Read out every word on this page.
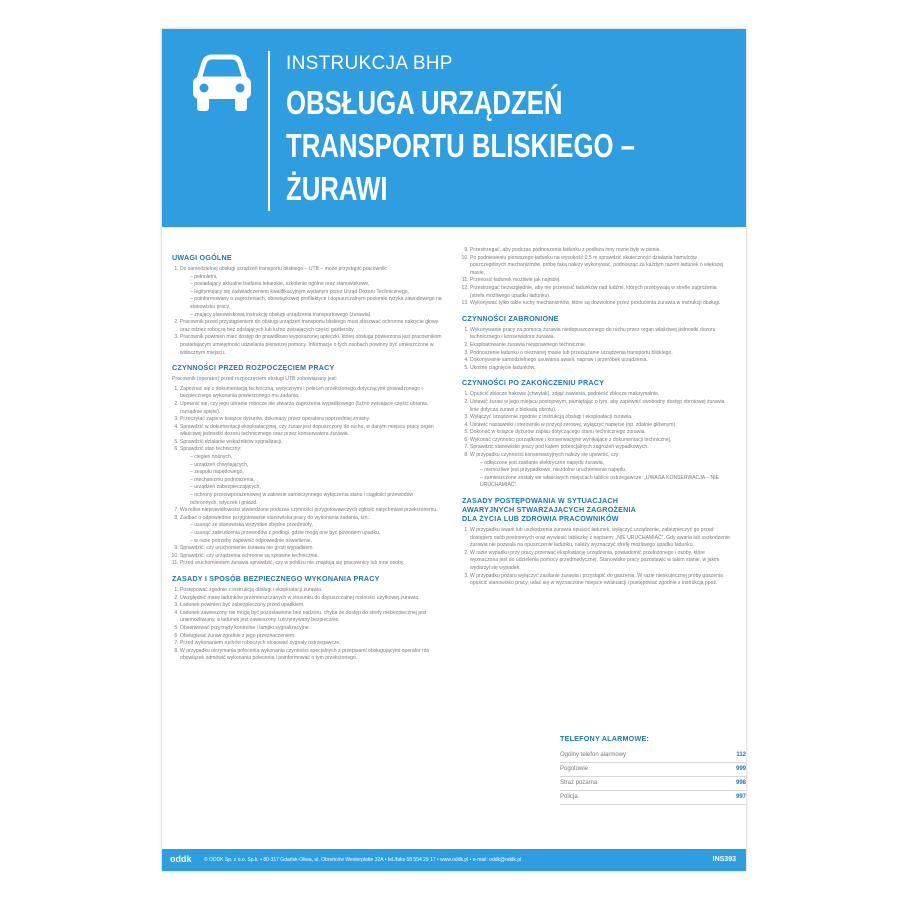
INSTRUKCJA BHP
OBSŁUGA URZĄDZEŃ
TRANSPORTU BLISKIEGO –
ŻURAWI
UWAGI OGÓLNE
1. Do samodzielnej obsługi urządzeń transportu bliskiego – UTB – może przystąpić pracownik:
– pełnoletni,
– posiadający aktualne badania lekarskie, szkolenie ogólne oraz stanowiskowe,
– legitymujący się zaświadczeniem kwalifikacyjnym wydanym przez Urząd Dozoru Technicznego,
– poinformowany o zagrożeniach, obowiązkowej profilaktyce i dopuszczalnym poziomie ryzyka zawodowego na stanowisku pracy,
– znający stanowiskową instrukcję obsługi urządzenia transportowego (żurawia).
2. Pracownik przed przystąpieniem do obsługi urządzeń transportu bliskiego musi stosować ochronne nakrycie głowy oraz odzież roboczą bez odstających lub luźno zwisających części garderoby.
3. Pracownik powinien mieć dostęp do prawidłowo wyposażonej apteczki, której obsługa powierzona jest pracownikom posiadającym umiejętność udzielania pierwszej pomocy. Informacje o tych osobach powinny być umieszczone w widocznym miejscu.
CZYNNOŚCI PRZED ROZPOCZĘCIEM PRACY
Pracownik (operator) przed rozpoczęciem obsługi UTB zobowiązany jest:
1. Zapoznać się z dokumentacją techniczną, wytycznymi i poleceń przełożonego dotyczącymi prowadzonego i bezpiecznego wykonania powierzonego mu zadania.
2. Upewnić się, czy jego ubranie robocze nie stwarza zagrożenia wypadkowego (luźno zwisające części ubrania, rozsądnie spięte).
3. Przeczytać zapis w książce dyżurów, dokonany przez operatora poprzedniej zmiany.
4. Sprawdzić w dokumentacji eksploatacyjnej, czy żuraw jest dopuszczony do ruchu, w danym miejscu pracy organ właściwej jednostki dozoru technicznego oraz przez konserwatora żurawia.
5. Sprawdzić działanie wskaźników sygnalizacji.
6. Sprawdzić stan techniczny:
– ciegien nośnych,
– urządzeń chwytających,
– zespołu napędowego,
– mechanizmu podnoszenia,
– urządzeń zabezpieczających,
– ochrony przeciwporażeniowej w zakresie samoczynnego wyłączenia stanu i ciągłości przewodów ochronnych, wtyczek i gniazd.
7. Wszelkie nieprawidłowości stwierdzone podczas czynności przygotowawczych zgłosić natychmiast przełożonemu.
8. Zadbać o odpowiednie przygotowanie stanowiska pracy do wykonania zadania, tzn.:
– usunąć ze stanowiska wszystkie zbędne przedmioty,
– usunąć zabrudzenia przewodów z podłogi, gdzie mogą one być powodem upadku,
– w razie potrzeby zapewnić odpowiednie oświetlenie.
9. Sprawdzić, czy uruchomienie żurawia nie grozi wypadkiem.
10. Sprawdzić, czy urządzenia ochronne są sprawne technicznie.
11. Przed uruchomieniem żurawia sprawdzić, czy w pobliżu nie znajdują się pracownicy lub inne osoby.
ZASADY I SPOSÓB BEZPIECZNEGO WYKONANIA PRACY
1. Postępować zgodnie z instrukcją obsługi i eksploatacji żurawia.
2. Uwzględnić masę ładunków przemieszczanych w stosunku do dopuszczalnej nośności użytkowej żurawia.
3. Ładunek powinien być zabezpieczony przed upadkiem.
4. Ładunek zawieszony nie mogą być pozostawione bez nadzoru, chyba że dostęp do strefy niebezpiecznej jest uniemożliwiony, a ładunek jest zawieszony i utrzymywany bezpiecznie.
5. Obserwować przyrządy kontrolne i lampki sygnalizacyjne.
6. Obsługiwać żuraw zgodnie z jego przeznaczeniem.
7. Przed wykonaniem ruchów roboczych stosować sygnały ostrzegawcze.
8. W przypadku otrzymania polecenia wykonania czynności specjalnych z przepisami obsługującymi operator ma obowiązek odmówić wykonania polecenia i poinformować o tym przełożonego.
9. Przestrzegać, aby podczas podnoszenia ładunku z podłoża inny rozne były w pionie.
10. Po podniesieniu pierwszego ładunku na wysokość 0,5 m sprawdzić skuteczność działania hamulców poszczególnych mechanizmów, próbę taką należy wykonywać, podnosząc za każdym razem ładunek o większej masie.
11. Przenosić ładunek możliwie jak najniżej.
12. Przestrzegać bezwzględnie, aby nie przenosić ładunków nad ludźmi, których przebywają w strefie zagrożenia (strefa możliwego upadku ładunku).
13. Wykonywać tylko takie ruchy mechanizmów, które są dozwolone przez producenta żurawia w instrukcji obsługi.
CZYNNOŚCI ZABRONIONE
1. Wykonywanie pracy za pomocą żurawia niedopuszczonego do ruchu przez organ właściwej jednostki dozoru technicznego i konserwatora żurawia.
2. Eksploatowanie żurawia niesprawnego technicznie.
3. Podnoszenie ładunku o nieznanej masie lub przeciążanie urządzenia transportu bliskiego.
4. Dokonywanie samodzielnego usuwania awarii, napraw i przeróbek urządzenia.
5. Ukośne ciągnięcie ładunków.
CZYNNOŚCI PO ZAKOŃCZENIU PRACY
1. Opuścić zblocze hakowe (chwytak), zdjąć zawiesia, podnieść zblocze maksymalnie.
2. Ustawić żuraw w jego miejscu postojowym, pamiętając o tym, aby zapewnić swobodny dostęp obrotowej żurawia linie dotyczą żurawi z blokadą obrotu).
3. Wyłączyć urządzenie zgodnie z instrukcją obsługi i eksploatacji żurawia.
4. Ustawić nastawniki i sterowniki w pozycji zerowej, wyłączyć napięcie (np. zdalnie głównym).
5. Dokonać w książce dyżurów zapisu dotyczącego stanu technicznego żurawia.
6. Wykonać czynności porządkowe i konserwacyjne wynikające z dokumentacji technicznej.
7. Sprawdzić stanowisko pracy pod kątem potencjalnych zagrożeń wypadkowych.
8. W przypadku czynności konserwacyjnych należy się upewnić, czy:
– odłączone jest zasilanie elektryczne napędu żurawia,
– niemożliwe jest przypadkowe, niezdolne uruchomienie napędu,
– zamieszczone zostały we właściwych miejscach tablice ostrzegawcze: „UWAGA KONSERWACJA – NIE URUCHAMIAĆ”.
ZASADY POSTĘPOWANIA W SYTUACJACH
AWARYJNYCH STWARZAJĄCYCH ZAGROŻENIA
DLA ŻYCIA LUB ZDROWIA PRACOWNIKÓW
1. W przypadku awarii lub uszkodzenia żurawia opuścić ładunek, wyłączyć urządzenie, zabezpieczyć go przed dostępem osób postronnych oraz wywiesić tabliczkę z napisem: „NIE URUCHAMIAĆ”. Gdy awaria lub uszkodzenie żurawia nie pozwala na opuszczenie ładunku, należy wyznaczyć strefę możliwego upadku ładunku.
2. W razie wypadku przy pracy przerwać eksploatację urządzenia, powiadomić przełożonego i osoby, które wyznaczona jest do udzielenia pomocy przedmedycznej. Stanowisko pracy pozostawić w takim stanie, w jakim wydarzył się wypadek.
3. W przypadku pożaru wyłączyć zasilanie żurawia i przystąpić do gaszenia. W razie nieskutecznej próby gaszenia opuścić stanowisko pracy, udać się w wyznaczone miejsce ewakuacji i postępować zgodnie z instrukcją ppoż.
TELEFONY ALARMOWE:
Ogólny telefon alarmowy	112
Pogotowie	999
Straż pożarna	998
Policja	997
oddk	© ODDK Sp. z o.o. Sp.k. • 80-317 Gdańsk-Oliwa, ul. Obrońców Westerplatte 32A • tel./faks 58 554 29 17 • www.oddk.pl • e-mail: oddk@oddk.pl	INS393
